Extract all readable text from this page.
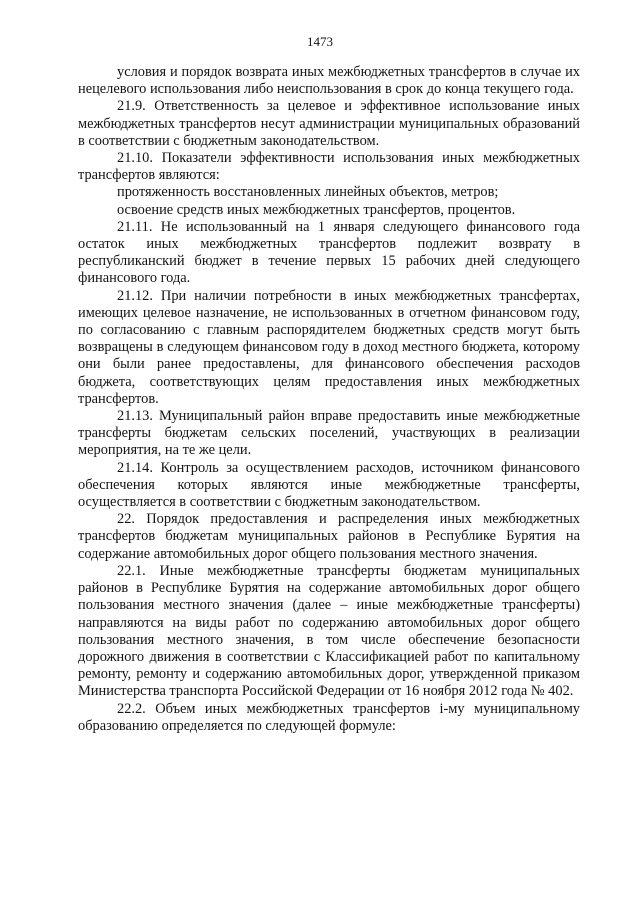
1473

условия и порядок возврата иных межбюджетных трансфертов в случае их нецелевого использования либо неиспользования в срок до конца текущего года.

21.9. Ответственность за целевое и эффективное использование иных межбюджетных трансфертов несут администрации муниципальных образований в соответствии с бюджетным законодательством.

21.10. Показатели эффективности использования иных межбюджетных трансфертов являются:

протяженность восстановленных линейных объектов, метров;

освоение средств иных межбюджетных трансфертов, процентов.

21.11. Не использованный на 1 января следующего финансового года остаток иных межбюджетных трансфертов подлежит возврату в республиканский бюджет в течение первых 15 рабочих дней следующего финансового года.

21.12. При наличии потребности в иных межбюджетных трансфертах, имеющих целевое назначение, не использованных в отчетном финансовом году, по согласованию с главным распорядителем бюджетных средств могут быть возвращены в следующем финансовом году в доход местного бюджета, которому они были ранее предоставлены, для финансового обеспечения расходов бюджета, соответствующих целям предоставления иных межбюджетных трансфертов.

21.13. Муниципальный район вправе предоставить иные межбюджетные трансферты бюджетам сельских поселений, участвующих в реализации мероприятия, на те же цели.

21.14. Контроль за осуществлением расходов, источником финансового обеспечения которых являются иные межбюджетные трансферты, осуществляется в соответствии с бюджетным законодательством.

22. Порядок предоставления и распределения иных межбюджетных трансфертов бюджетам муниципальных районов в Республике Бурятия на содержание автомобильных дорог общего пользования местного значения.

22.1. Иные межбюджетные трансферты бюджетам муниципальных районов в Республике Бурятия на содержание автомобильных дорог общего пользования местного значения (далее – иные межбюджетные трансферты) направляются на виды работ по содержанию автомобильных дорог общего пользования местного значения, в том числе обеспечение безопасности дорожного движения в соответствии с Классификацией работ по капитальному ремонту, ремонту и содержанию автомобильных дорог, утвержденной приказом Министерства транспорта Российской Федерации от 16 ноября 2012 года № 402.

22.2. Объем иных межбюджетных трансфертов i-му муниципальному образованию определяется по следующей формуле:
